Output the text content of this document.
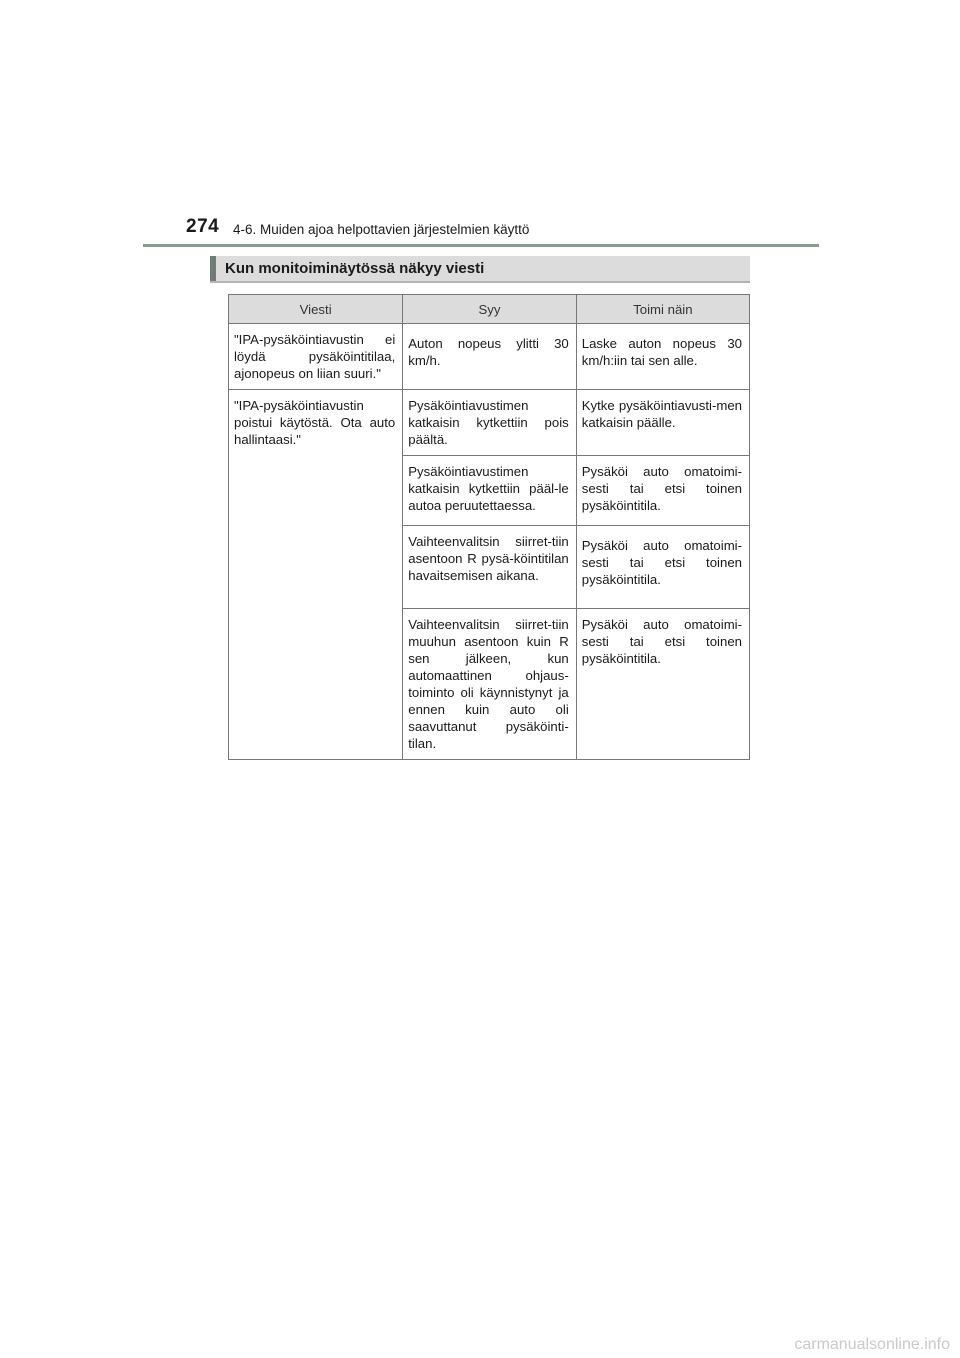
274 4-6. Muiden ajoa helpottavien järjestelmien käyttö
Kun monitoiminäytössä näkyy viesti
Viesti	Syy	Toimi näin
"IPA-pysäköintiavustin ei löydä pysäköintitilaa, ajonopeus on liian suuri."	Auton nopeus ylitti 30 km/h.	Laske auton nopeus 30 km/h:iin tai sen alle.
"IPA-pysäköintiavustin poistui käytöstä. Ota auto hallintaasi."	Pysäköintiavustimen katkaisin kytkettiin pois päältä.	Kytke pysäköintiavusti-men katkaisin päälle.
	Pysäköintiavustimen katkaisin kytkettiin pääl-le autoa peruutettaessa.	Pysäköi auto omatoimi-sesti tai etsi toinen pysäköintitila.
	Vaihteenvalitsin siirret-tiin asentoon R pysä-köintitilan havaitsemisen aikana.	Pysäköi auto omatoimi-sesti tai etsi toinen pysäköintitila.
	Vaihteenvalitsin siirret-tiin muuhun asentoon kuin R sen jälkeen, kun automaattinen ohjaus-toiminto oli käynnistynyt ja ennen kuin auto oli saavuttanut pysäköinti-tilan.	Pysäköi auto omatoimi-sesti tai etsi toinen pysäköintitila.
carmanualsonline.info
